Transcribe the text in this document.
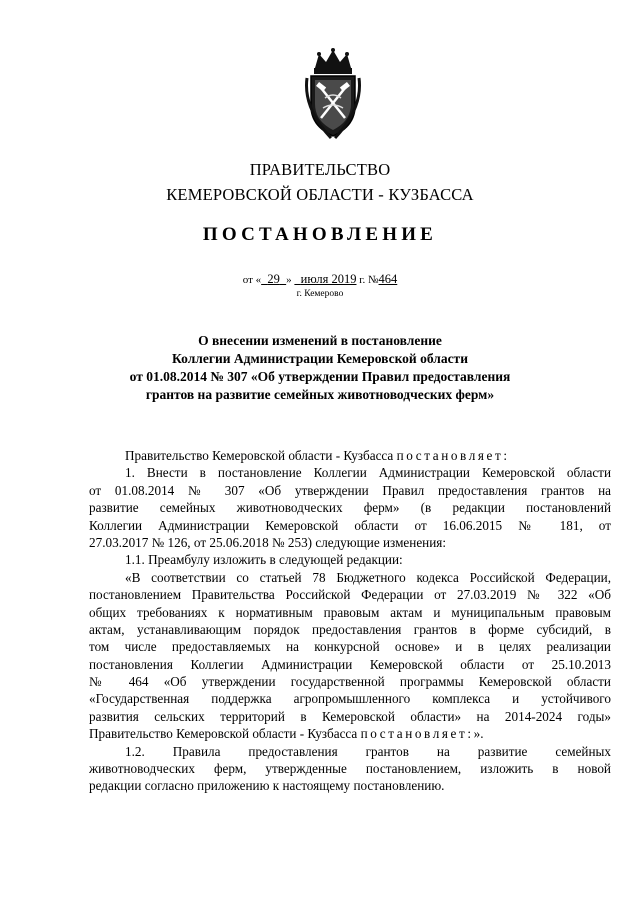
ПРАВИТЕЛЬСТВО
КЕМЕРОВСКОЙ ОБЛАСТИ - КУЗБАССА
ПОСТАНОВЛЕНИЕ
от « 29 » июля 2019 г. №464
г. Кемерово
О внесении изменений в постановление
Коллегии Администрации Кемеровской области
от 01.08.2014 № 307 «Об утверждении Правил предоставления
грантов на развитие семейных животноводческих ферм»
Правительство Кемеровской области - Кузбасса постановляет:
1. Внести в постановление Коллегии Администрации Кемеровской области
от 01.08.2014 № 307 «Об утверждении Правил предоставления грантов на
развитие семейных животноводческих ферм» (в редакции постановлений
Коллегии Администрации Кемеровской области от 16.06.2015 № 181, от
27.03.2017 № 126, от 25.06.2018 № 253) следующие изменения:
1.1. Преамбулу изложить в следующей редакции:
«В соответствии со статьей 78 Бюджетного кодекса Российской Федерации,
постановлением Правительства Российской Федерации от 27.03.2019 № 322 «Об
общих требованиях к нормативным правовым актам и муниципальным правовым
актам, устанавливающим порядок предоставления грантов в форме субсидий, в
том числе предоставляемых на конкурсной основе» и в целях реализации
постановления Коллегии Администрации Кемеровской области от 25.10.2013
№ 464 «Об утверждении государственной программы Кемеровской области
«Государственная поддержка агропромышленного комплекса и устойчивого
развития сельских территорий в Кемеровской области» на 2014-2024 годы»
Правительство Кемеровской области - Кузбасса постановляет:».
1.2. Правила предоставления грантов на развитие семейных
животноводческих ферм, утвержденные постановлением, изложить в новой
редакции согласно приложению к настоящему постановлению.
